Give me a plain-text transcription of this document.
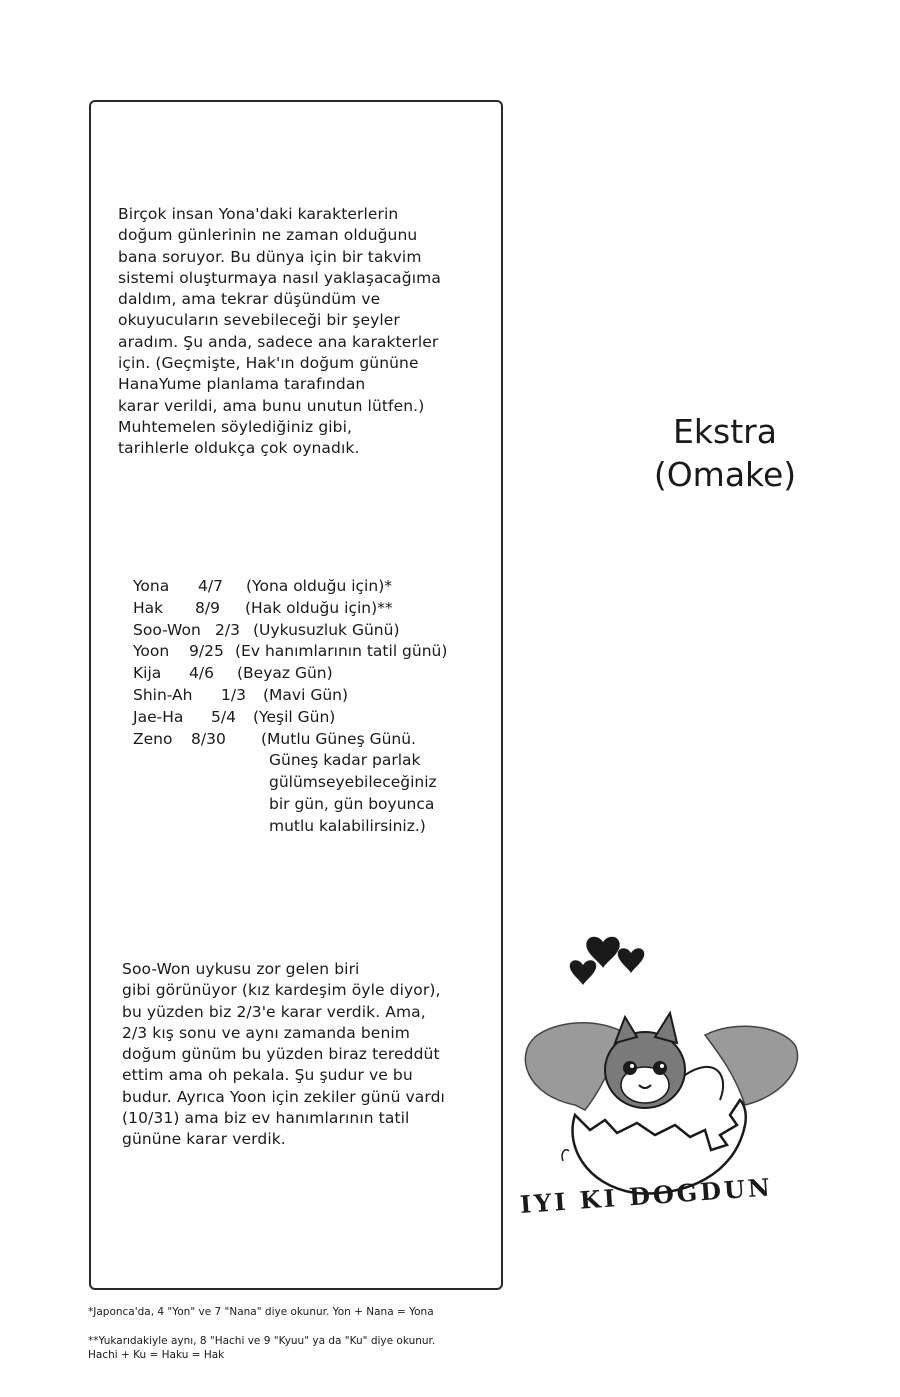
Birçok insan Yona'daki karakterlerin
doğum günlerinin ne zaman olduğunu
bana soruyor. Bu dünya için bir takvim
sistemi oluşturmaya nasıl yaklaşacağıma
daldım, ama tekrar düşündüm ve
okuyucuların sevebileceği bir şeyler
aradım. Şu anda, sadece ana karakterler
için. (Geçmişte, Hak'ın doğum gününe
HanaYume planlama tarafından
karar verildi, ama bunu unutun lütfen.)
Muhtemelen söylediğiniz gibi,
tarihlerle oldukça çok oynadık.

Yona	4/7	(Yona olduğu için)*
Hak	8/9	(Hak olduğu için)**
Soo-Won 2/3 (Uykusuzluk Günü)
Yoon	9/25 (Ev hanımlarının tatil günü)
Kija	4/6	(Beyaz Gün)
Shin-Ah	1/3	(Mavi Gün)
Jae-Ha	5/4	(Yeşil Gün)
Zeno	8/30	(Mutlu Güneş Günü.
Güneş kadar parlak
gülümseyebileceğiniz
bir gün, gün boyunca
mutlu kalabilirsiniz.)

Soo-Won uykusu zor gelen biri
gibi görünüyor (kız kardeşim öyle diyor),
bu yüzden biz 2/3'e karar verdik. Ama,
2/3 kış sonu ve aynı zamanda benim
doğum günüm bu yüzden biraz tereddüt
ettim ama oh pekala. Şu şudur ve bu
budur. Ayrıca Yoon için zekiler günü vardı
(10/31) ama biz ev hanımlarının tatil
gününe karar verdik.

Ekstra
(Omake)
IYI KI DOGDUN
*Japonca'da, 4 "Yon" ve 7 "Nana" diye okunur. Yon + Nana = Yona
**Yukarıdakiyle aynı, 8 "Hachi ve 9 "Kyuu" ya da "Ku" diye okunur.
Hachi + Ku = Haku = Hak
